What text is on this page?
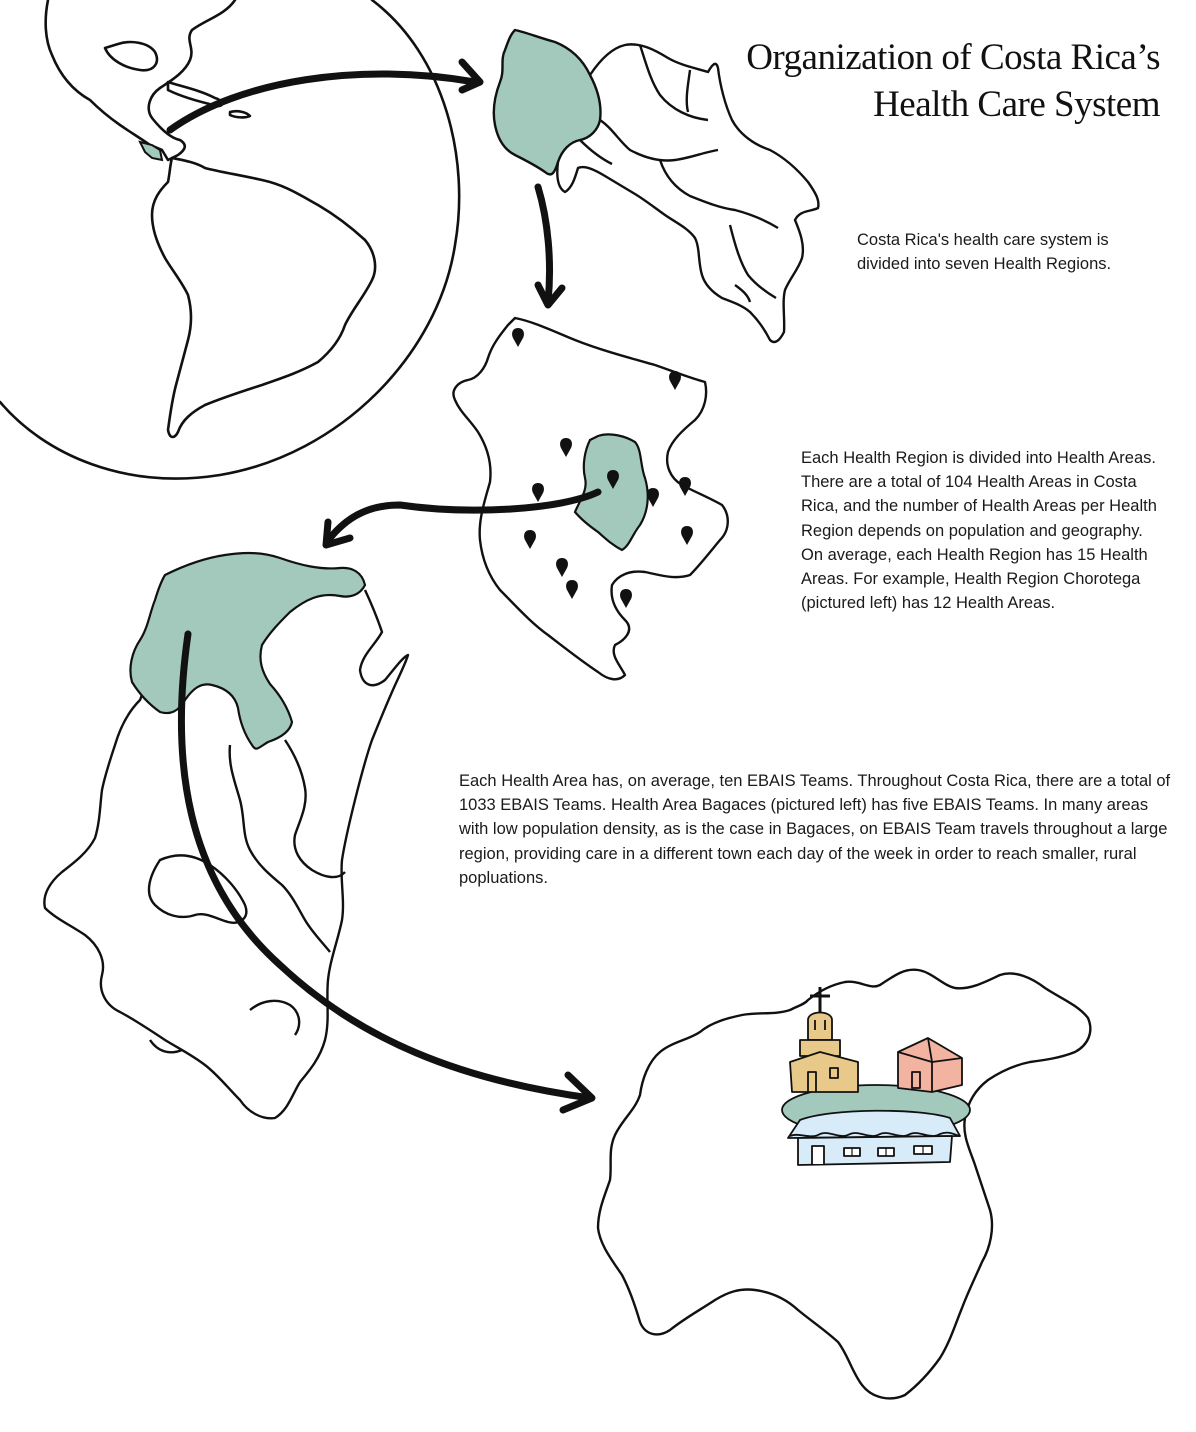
Organization of Costa Rica’s
Health Care System
Costa Rica's health care system is divided into seven Health Regions.
Each Health Region is divided into Health Areas. There are a total of 104 Health Areas in Costa Rica, and the number of Health Areas per Health Region depends on population and geography. On average, each Health Region has 15 Health Areas. For example, Health Region Chorotega (pictured left) has 12 Health Areas.
Each Health Area has, on average, ten EBAIS Teams. Throughout Costa Rica, there are a total of 1033 EBAIS Teams. Health Area Bagaces (pictured left) has five EBAIS Teams. In many areas with low population density, as is the case in Bagaces, on EBAIS Team travels throughout a large region, providing care in a different town each day of the week in order to reach smaller, rural popluations.
